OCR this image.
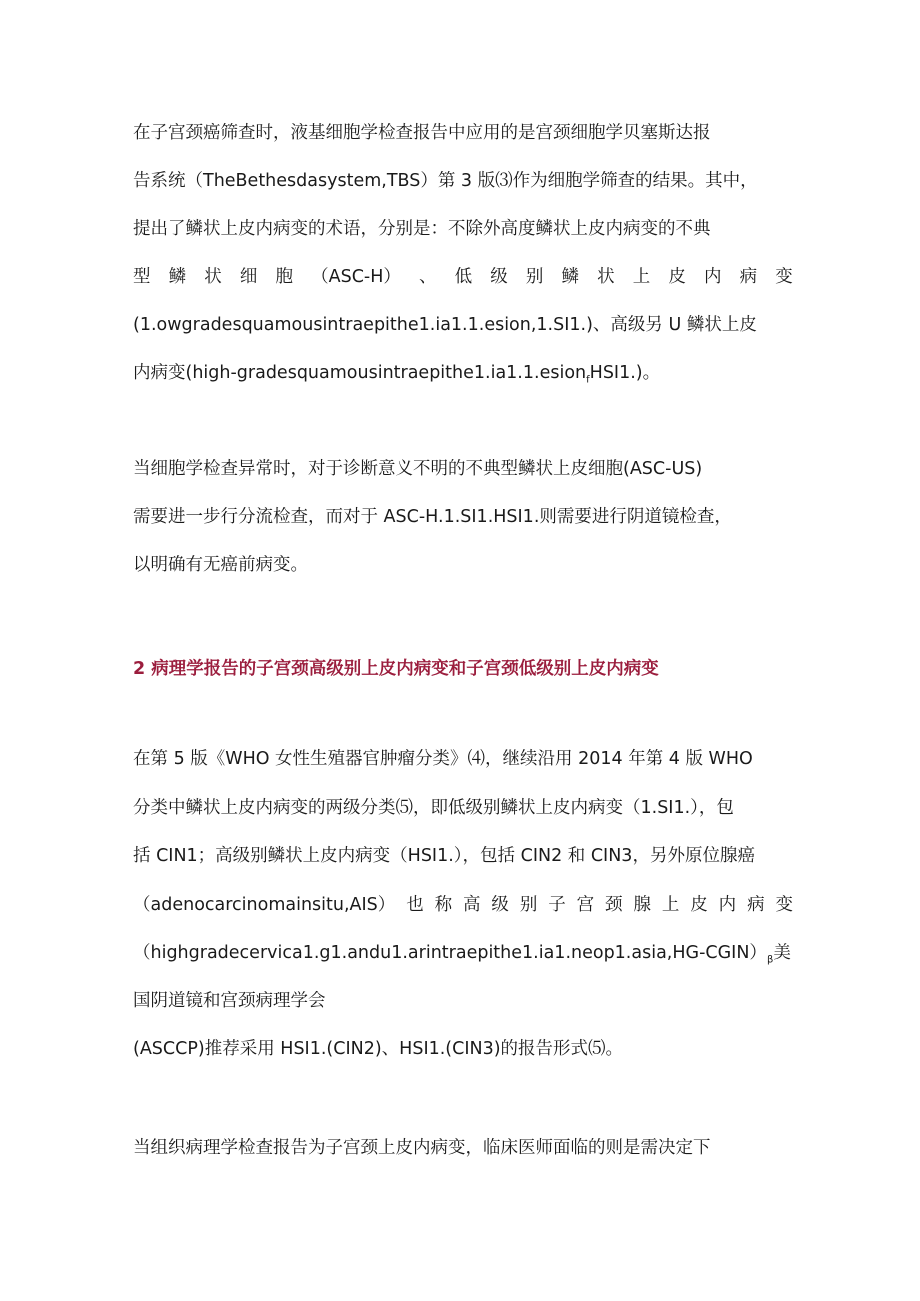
在子宫颈癌筛查时，液基细胞学检查报告中应用的是宫颈细胞学贝塞斯达报
告系统（TheBethesdasystem,TBS）第 3 版⑶作为细胞学筛查的结果。其中，
提出了鳞状上皮内病变的术语，分别是：不除外高度鳞状上皮内病变的不典
型 鳞 状 细 胞 （ASC-H） 、 低 级 别 鳞 状 上 皮 内 病 变
(1.owgradesquamousintraepithe1.ia1.1.esion,1.SI1.)、高级另 U 鳞状上皮
内病变(high-gradesquamousintraepithe1.ia1.1.esion$_f$HSI1.)。
当细胞学检查异常时，对于诊断意义不明的不典型鳞状上皮细胞(ASC-US)
需要进一步行分流检查，而对于 ASC-H.1.SI1.HSI1.则需要进行阴道镜检查，
以明确有无癌前病变。
2 病理学报告的子宫颈高级别上皮内病变和子宫颈低级别上皮内病变
在第 5 版《WHO 女性生殖器官肿瘤分类》⑷，继续沿用 2014 年第 4 版 WHO
分类中鳞状上皮内病变的两级分类⑸，即低级别鳞状上皮内病变（1.SI1.），包
括 CIN1；高级别鳞状上皮内病变（HSI1.），包括 CIN2 和 CIN3，另外原位腺癌
（adenocarcinomainsitu,AIS） 也 称 高 级 别 子 宫 颈 腺 上 皮 内 病 变
$(highgradecervica1.g1.andu1.arintraepithe1.ia1.neop1.asia,HG-CGIN)_\beta$美
国阴道镜和宫颈病理学会
(ASCCP)推荐采用 HSI1.(CIN2)、HSI1.(CIN3)的报告形式⑸。
当组织病理学检查报告为子宫颈上皮内病变，临床医师面临的则是需决定下
